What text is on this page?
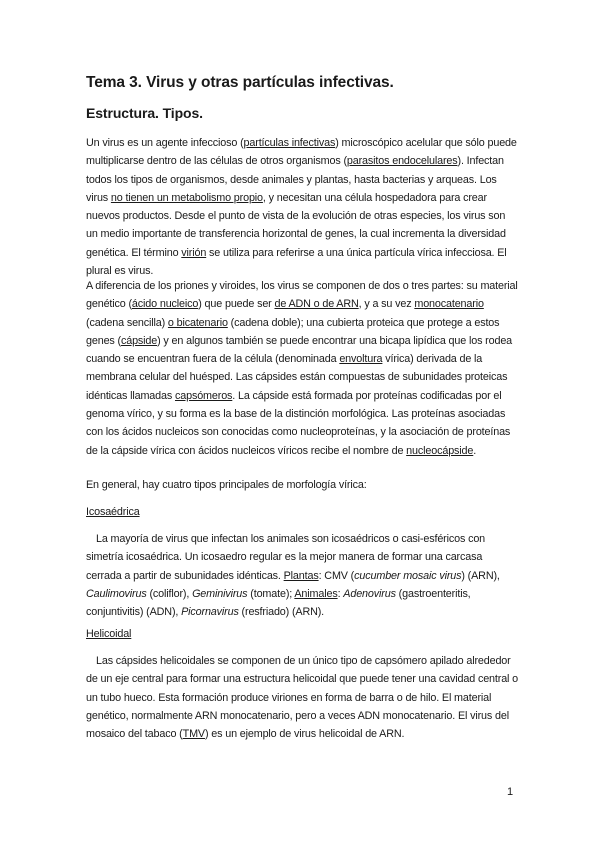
Tema 3. Virus y otras partículas infectivas.
Estructura. Tipos.

Un virus es un agente infeccioso (partículas infectivas) microscópico acelular que sólo puede multiplicarse dentro de las células de otros organismos (parasitos endocelulares). Infectan todos los tipos de organismos, desde animales y plantas, hasta bacterias y arqueas. Los virus no tienen un metabolismo propio, y necesitan una célula hospedadora para crear nuevos productos. Desde el punto de vista de la evolución de otras especies, los virus son un medio importante de transferencia horizontal de genes, la cual incrementa la diversidad genética. El término virión se utiliza para referirse a una única partícula vírica infecciosa. El plural es virus.

A diferencia de los priones y viroides, los virus se componen de dos o tres partes: su material genético (ácido nucleico) que puede ser de ADN o de ARN, y a su vez monocatenario (cadena sencilla) o bicatenario (cadena doble); una cubierta proteica que protege a estos genes (cápside) y en algunos también se puede encontrar una bicapa lipídica que los rodea cuando se encuentran fuera de la célula (denominada envoltura vírica) derivada de la membrana celular del huésped. Las cápsides están compuestas de subunidades proteicas idénticas llamadas capsómeros. La cápside está formada por proteínas codificadas por el genoma vírico, y su forma es la base de la distinción morfológica. Las proteínas asociadas con los ácidos nucleicos son conocidas como nucleoproteínas, y la asociación de proteínas de la cápside vírica con ácidos nucleicos víricos recibe el nombre de nucleocápside.

En general, hay cuatro tipos principales de morfología vírica:

Icosaédrica

La mayoría de virus que infectan los animales son icosaédricos o casi-esféricos con simetría icosaédrica. Un icosaedro regular es la mejor manera de formar una carcasa cerrada a partir de subunidades idénticas. Plantas: CMV (cucumber mosaic virus) (ARN), Caulimovirus (coliflor), Geminivirus (tomate); Animales: Adenovirus (gastroenteritis, conjuntivitis) (ADN), Picornavirus (resfriado) (ARN).

Helicoidal

Las cápsides helicoidales se componen de un único tipo de capsómero apilado alrededor de un eje central para formar una estructura helicoidal que puede tener una cavidad central o un tubo hueco. Esta formación produce viriones en forma de barra o de hilo. El material genético, normalmente ARN monocatenario, pero a veces ADN monocatenario. El virus del mosaico del tabaco (TMV) es un ejemplo de virus helicoidal de ARN.

1
